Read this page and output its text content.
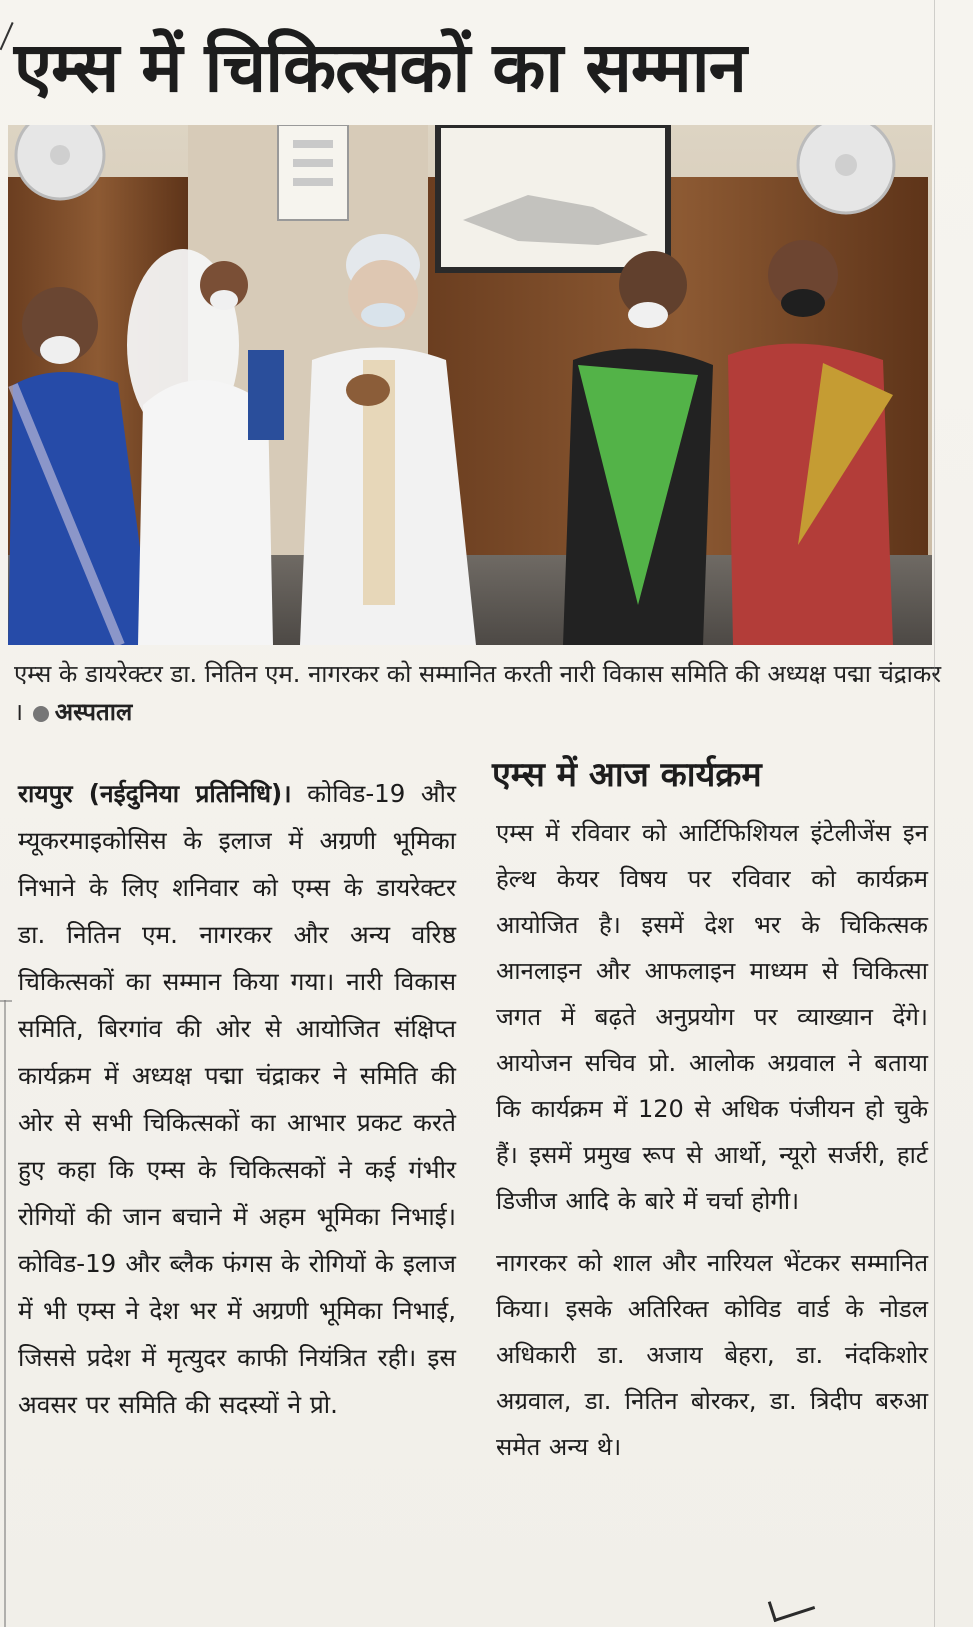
एम्स में चिकित्सकों का सम्मान
एम्स के डायरेक्टर डा. नितिन एम. नागरकर को सम्मानित करती नारी विकास समिति की अध्यक्ष पद्मा चंद्राकर । अस्पताल

रायपुर (नईदुनिया प्रतिनिधि)। कोविड-19 और म्यूकरमाइकोसिस के इलाज में अग्रणी भूमिका निभाने के लिए शनिवार को एम्स के डायरेक्टर डा. नितिन एम. नागरकर और अन्य वरिष्ठ चिकित्सकों का सम्मान किया गया। नारी विकास समिति, बिरगांव की ओर से आयोजित संक्षिप्त कार्यक्रम में अध्यक्ष पद्मा चंद्राकर ने समिति की ओर से सभी चिकित्सकों का आभार प्रकट करते हुए कहा कि एम्स के चिकित्सकों ने कई गंभीर रोगियों की जान बचाने में अहम भूमिका निभाई। कोविड-19 और ब्लैक फंगस के रोगियों के इलाज में भी एम्स ने देश भर में अग्रणी भूमिका निभाई, जिससे प्रदेश में मृत्युदर काफी नियंत्रित रही। इस अवसर पर समिति की सदस्यों ने प्रो.

एम्स में आज कार्यक्रम

एम्स में रविवार को आर्टिफिशियल इंटेलीजेंस इन हेल्थ केयर विषय पर रविवार को कार्यक्रम आयोजित है। इसमें देश भर के चिकित्सक आनलाइन और आफलाइन माध्यम से चिकित्सा जगत में बढ़ते अनुप्रयोग पर व्याख्यान देंगे। आयोजन सचिव प्रो. आलोक अग्रवाल ने बताया कि कार्यक्रम में 120 से अधिक पंजीयन हो चुके हैं। इसमें प्रमुख रूप से आर्थो, न्यूरो सर्जरी, हार्ट डिजीज आदि के बारे में चर्चा होगी।

नागरकर को शाल और नारियल भेंटकर सम्मानित किया। इसके अतिरिक्त कोविड वार्ड के नोडल अधिकारी डा. अजाय बेहरा, डा. नंदकिशोर अग्रवाल, डा. नितिन बोरकर, डा. त्रिदीप बरुआ समेत अन्य थे।
